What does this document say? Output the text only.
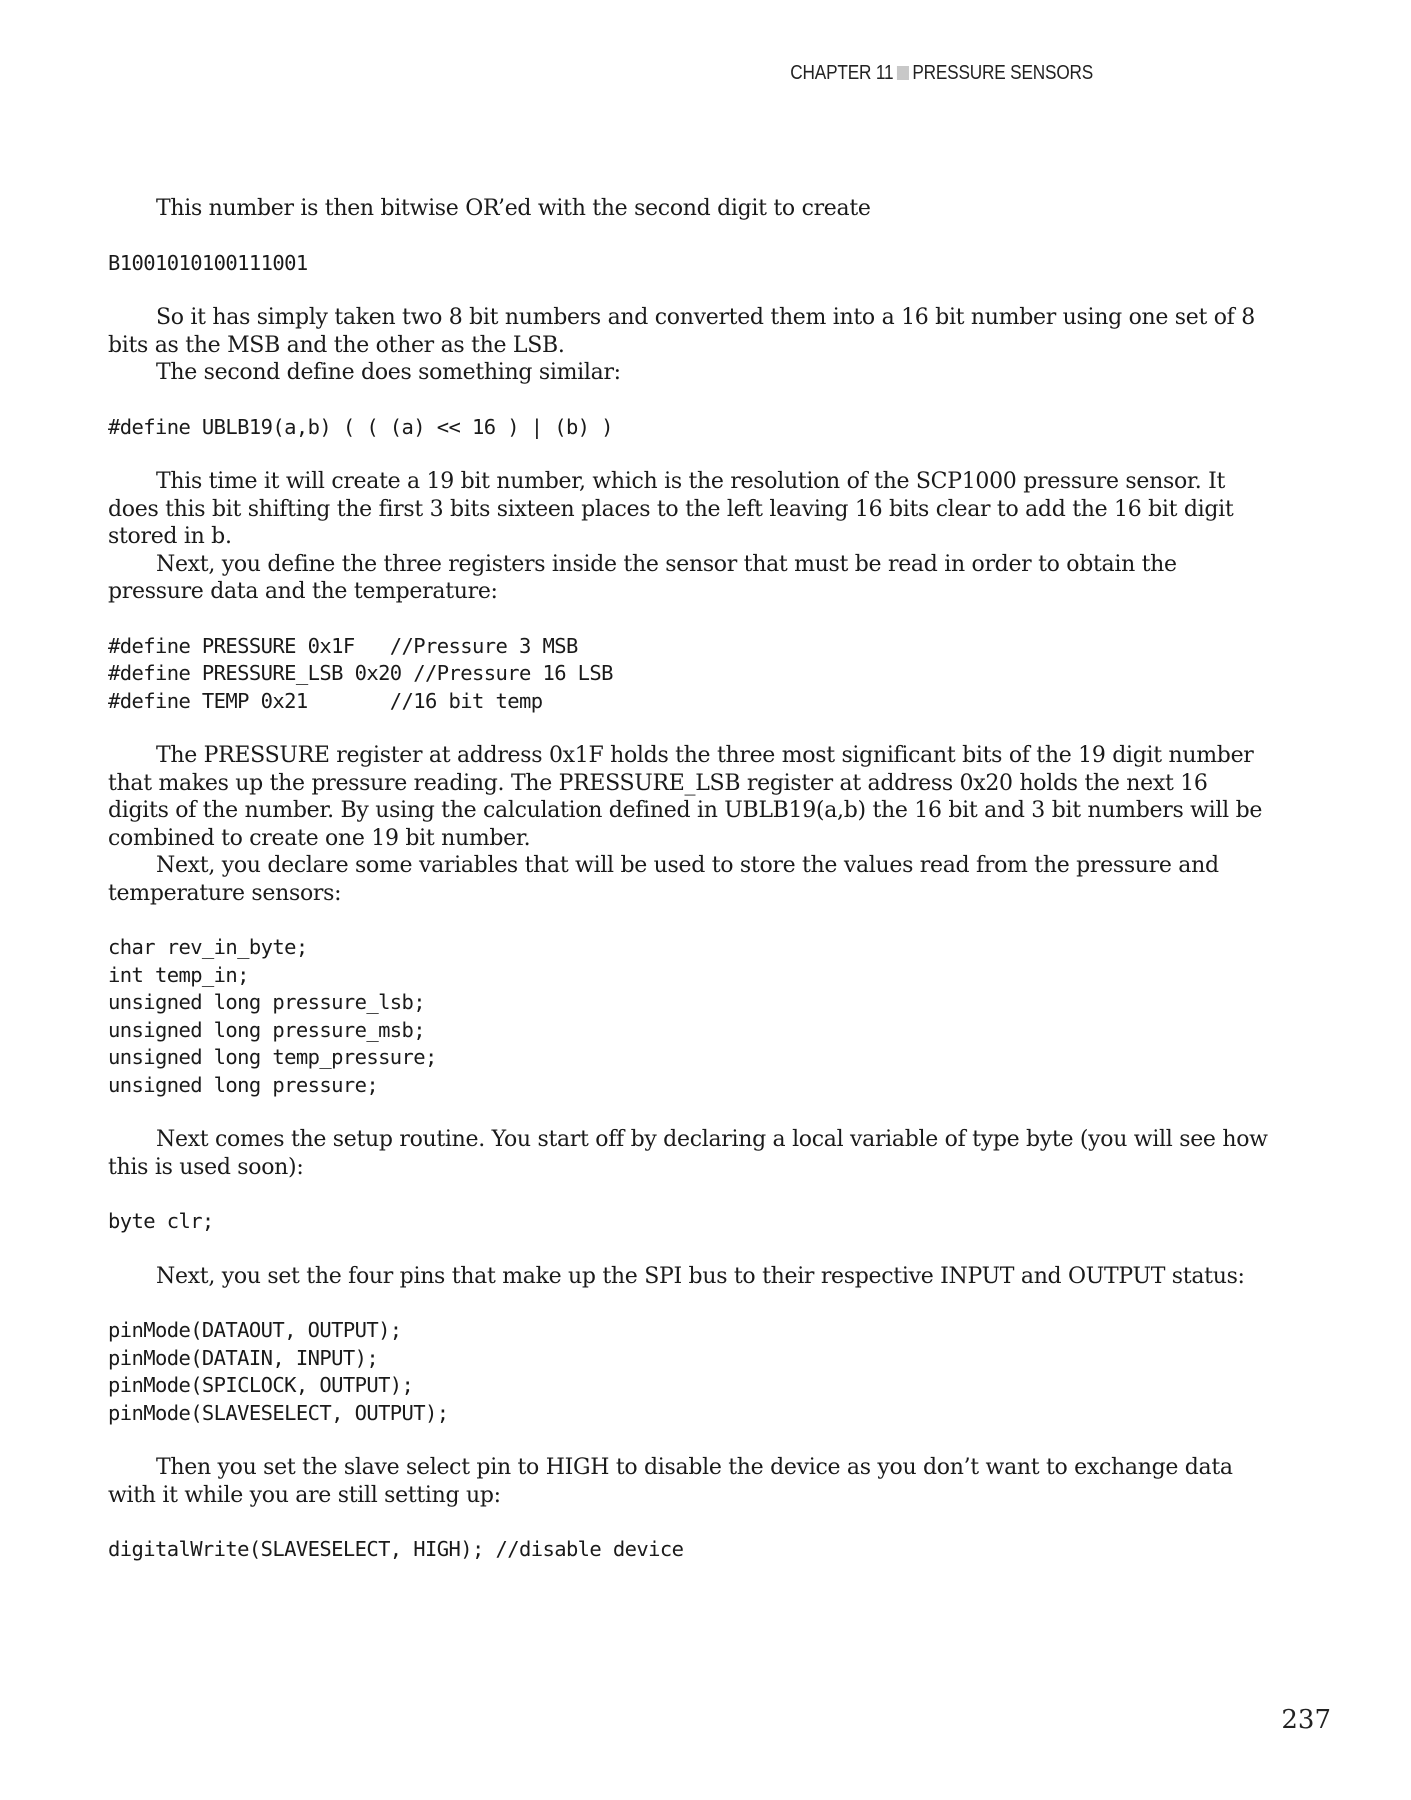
CHAPTER 11 PRESSURE SENSORS

This number is then bitwise OR’ed with the second digit to create

B1001010100111001

So it has simply taken two 8 bit numbers and converted them into a 16 bit number using one set of 8 bits as the MSB and the other as the LSB.

The second define does something similar:

#define UBLB19(a,b) ( ( (a) << 16 ) | (b) )

This time it will create a 19 bit number, which is the resolution of the SCP1000 pressure sensor. It does this bit shifting the first 3 bits sixteen places to the left leaving 16 bits clear to add the 16 bit digit stored in b.

Next, you define the three registers inside the sensor that must be read in order to obtain the pressure data and the temperature:

#define PRESSURE 0x1F   //Pressure 3 MSB
#define PRESSURE_LSB 0x20 //Pressure 16 LSB
#define TEMP 0x21       //16 bit temp

The PRESSURE register at address 0x1F holds the three most significant bits of the 19 digit number that makes up the pressure reading. The PRESSURE_LSB register at address 0x20 holds the next 16 digits of the number. By using the calculation defined in UBLB19(a,b) the 16 bit and 3 bit numbers will be combined to create one 19 bit number.

Next, you declare some variables that will be used to store the values read from the pressure and temperature sensors:

char rev_in_byte;
int temp_in;
unsigned long pressure_lsb;
unsigned long pressure_msb;
unsigned long temp_pressure;
unsigned long pressure;

Next comes the setup routine. You start off by declaring a local variable of type byte (you will see how this is used soon):

byte clr;

Next, you set the four pins that make up the SPI bus to their respective INPUT and OUTPUT status:

pinMode(DATAOUT, OUTPUT);
pinMode(DATAIN, INPUT);
pinMode(SPICLOCK, OUTPUT);
pinMode(SLAVESELECT, OUTPUT);

Then you set the slave select pin to HIGH to disable the device as you don’t want to exchange data with it while you are still setting up:

digitalWrite(SLAVESELECT, HIGH); //disable device
237
